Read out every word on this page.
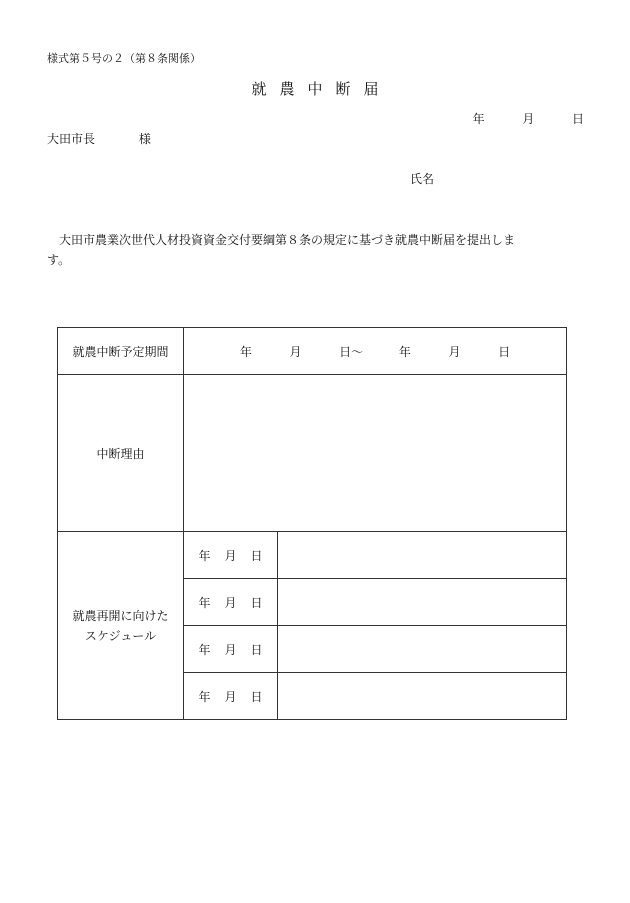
様式第５号の２（第８条関係）
就農中断届
年	月	日
大田市長	様
氏名
大田市農業次世代人材投資資金交付要綱第８条の規定に基づき就農中断届を提出します。
就農中断予定期間	年 月 日～ 年 月 日	
中断理由		
就農再開に向けた
スケジュール	年 月 日	
	年 月 日	
	年 月 日	
	年 月 日	
